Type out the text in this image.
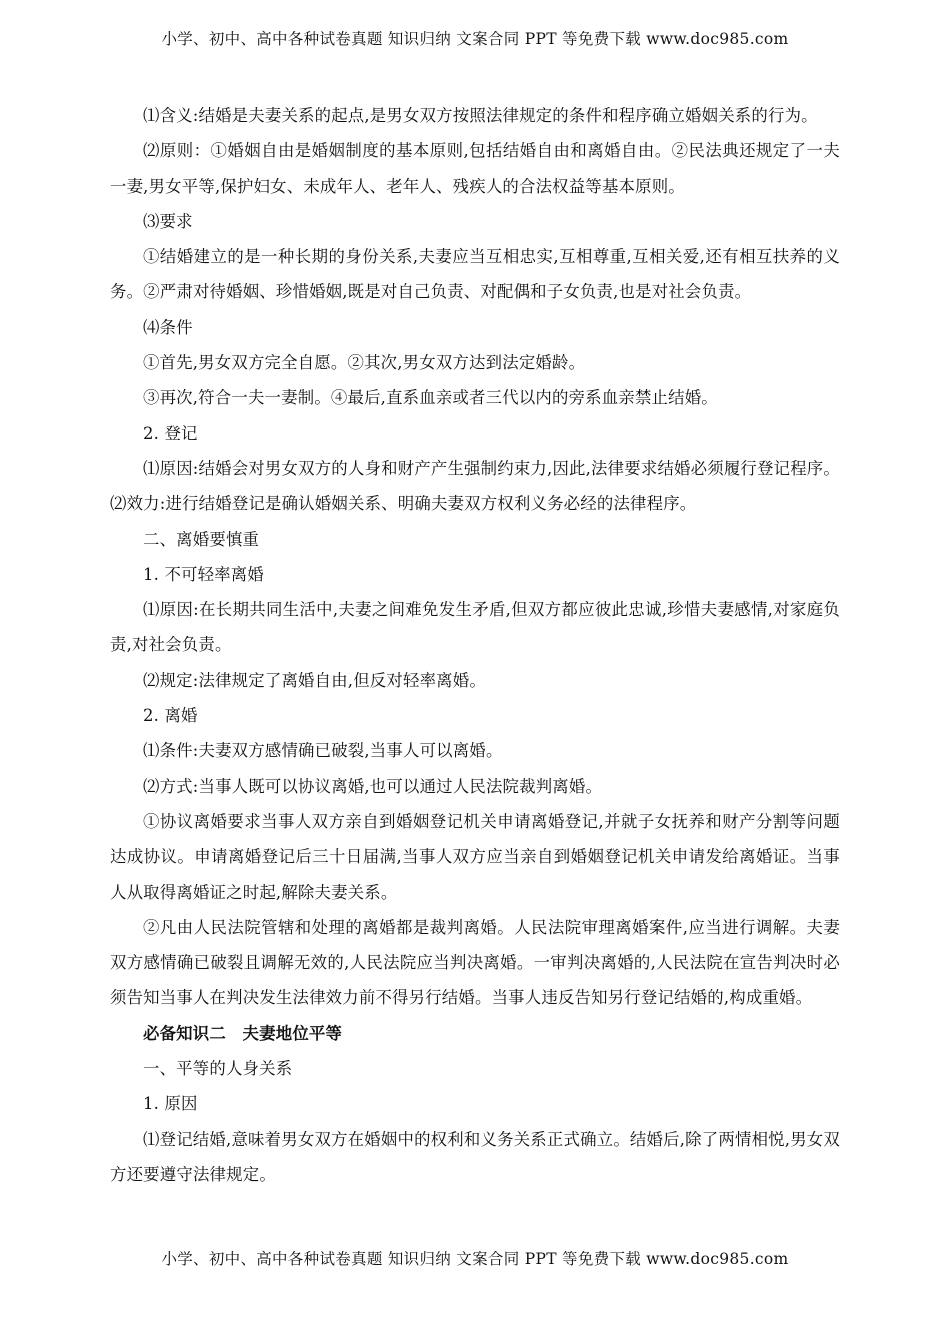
小学、初中、高中各种试卷真题 知识归纳 文案合同 PPT 等免费下载 www.doc985.com

⑴含义:结婚是夫妻关系的起点,是男女双方按照法律规定的条件和程序确立婚姻关系的行为。

⑵原则：①婚姻自由是婚姻制度的基本原则,包括结婚自由和离婚自由。②民法典还规定了一夫一妻,男女平等,保护妇女、未成年人、老年人、残疾人的合法权益等基本原则。

⑶要求

①结婚建立的是一种长期的身份关系,夫妻应当互相忠实,互相尊重,互相关爱,还有相互扶养的义务。②严肃对待婚姻、珍惜婚姻,既是对自己负责、对配偶和子女负责,也是对社会负责。

⑷条件

①首先,男女双方完全自愿。②其次,男女双方达到法定婚龄。

③再次,符合一夫一妻制。④最后,直系血亲或者三代以内的旁系血亲禁止结婚。

2. 登记

⑴原因:结婚会对男女双方的人身和财产产生强制约束力,因此,法律要求结婚必须履行登记程序。⑵效力:进行结婚登记是确认婚姻关系、明确夫妻双方权利义务必经的法律程序。

二、离婚要慎重

1. 不可轻率离婚

⑴原因:在长期共同生活中,夫妻之间难免发生矛盾,但双方都应彼此忠诚,珍惜夫妻感情,对家庭负责,对社会负责。

⑵规定:法律规定了离婚自由,但反对轻率离婚。

2. 离婚

⑴条件:夫妻双方感情确已破裂,当事人可以离婚。

⑵方式:当事人既可以协议离婚,也可以通过人民法院裁判离婚。

①协议离婚要求当事人双方亲自到婚姻登记机关申请离婚登记,并就子女抚养和财产分割等问题达成协议。申请离婚登记后三十日届满,当事人双方应当亲自到婚姻登记机关申请发给离婚证。当事人从取得离婚证之时起,解除夫妻关系。

②凡由人民法院管辖和处理的离婚都是裁判离婚。人民法院审理离婚案件,应当进行调解。夫妻双方感情确已破裂且调解无效的,人民法院应当判决离婚。一审判决离婚的,人民法院在宣告判决时必须告知当事人在判决发生法律效力前不得另行结婚。当事人违反告知另行登记结婚的,构成重婚。

必备知识二　夫妻地位平等

一、平等的人身关系

1. 原因

⑴登记结婚,意味着男女双方在婚姻中的权利和义务关系正式确立。结婚后,除了两情相悦,男女双方还要遵守法律规定。

小学、初中、高中各种试卷真题 知识归纳 文案合同 PPT 等免费下载 www.doc985.com
